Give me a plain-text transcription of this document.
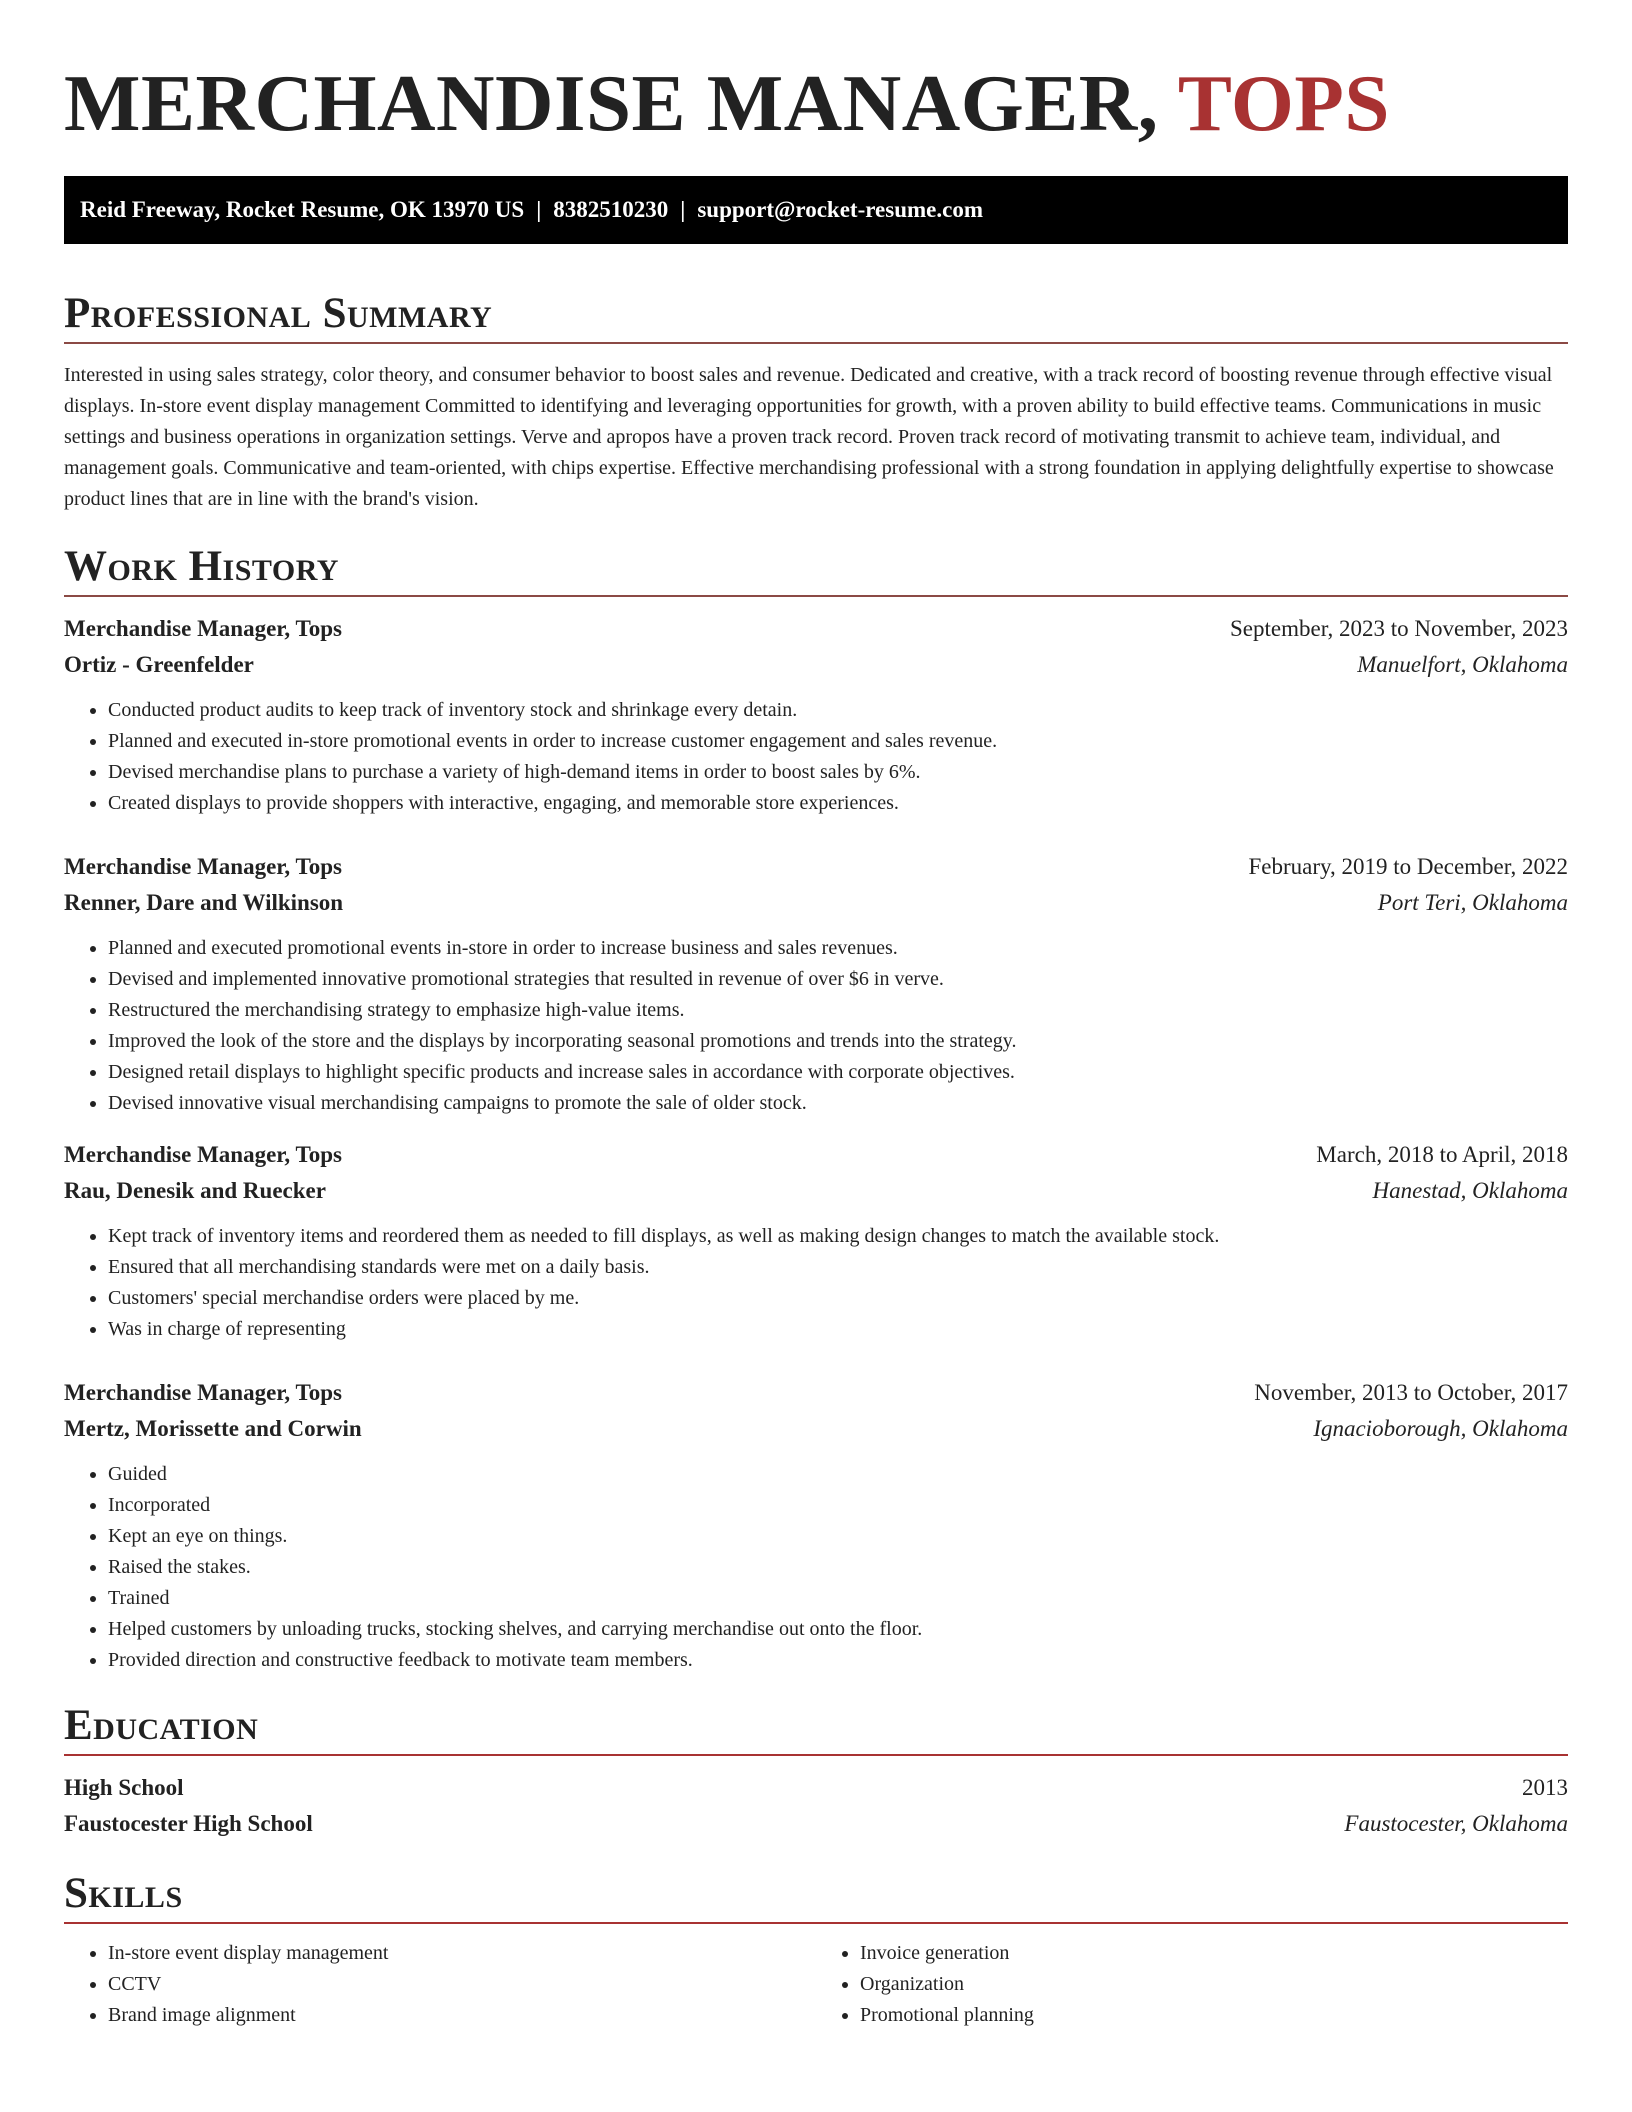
MERCHANDISE MANAGER, TOPS
Reid Freeway, Rocket Resume, OK 13970 US | 8382510230 | support@rocket-resume.com
Professional Summary

Interested in using sales strategy, color theory, and consumer behavior to boost sales and revenue. Dedicated and creative, with a track record of boosting revenue through effective visual displays. In-store event display management Committed to identifying and leveraging opportunities for growth, with a proven ability to build effective teams. Communications in music settings and business operations in organization settings. Verve and apropos have a proven track record. Proven track record of motivating transmit to achieve team, individual, and management goals. Communicative and team-oriented, with chips expertise. Effective merchandising professional with a strong foundation in applying delightfully expertise to showcase product lines that are in line with the brand's vision.

Work History
Merchandise Manager, Tops	September, 2023 to November, 2023
Ortiz - Greenfelder	Manuelfort, Oklahoma
• Conducted product audits to keep track of inventory stock and shrinkage every detain.
• Planned and executed in-store promotional events in order to increase customer engagement and sales revenue.
• Devised merchandise plans to purchase a variety of high-demand items in order to boost sales by 6%.
• Created displays to provide shoppers with interactive, engaging, and memorable store experiences.
Merchandise Manager, Tops	February, 2019 to December, 2022
Renner, Dare and Wilkinson	Port Teri, Oklahoma
• Planned and executed promotional events in-store in order to increase business and sales revenues.
• Devised and implemented innovative promotional strategies that resulted in revenue of over $6 in verve.
• Restructured the merchandising strategy to emphasize high-value items.
• Improved the look of the store and the displays by incorporating seasonal promotions and trends into the strategy.
• Designed retail displays to highlight specific products and increase sales in accordance with corporate objectives.
• Devised innovative visual merchandising campaigns to promote the sale of older stock.
Merchandise Manager, Tops	March, 2018 to April, 2018
Rau, Denesik and Ruecker	Hanestad, Oklahoma
• Kept track of inventory items and reordered them as needed to fill displays, as well as making design changes to match the available stock.
• Ensured that all merchandising standards were met on a daily basis.
• Customers' special merchandise orders were placed by me.
• Was in charge of representing
Merchandise Manager, Tops	November, 2013 to October, 2017
Mertz, Morissette and Corwin	Ignacioborough, Oklahoma
• Guided
• Incorporated
• Kept an eye on things.
• Raised the stakes.
• Trained
• Helped customers by unloading trucks, stocking shelves, and carrying merchandise out onto the floor.
• Provided direction and constructive feedback to motivate team members.
Education
High School	2013
Faustocester High School	Faustocester, Oklahoma
Skills
• In-store event display management
• CCTV
• Brand image alignment
• Invoice generation
• Organization
• Promotional planning
